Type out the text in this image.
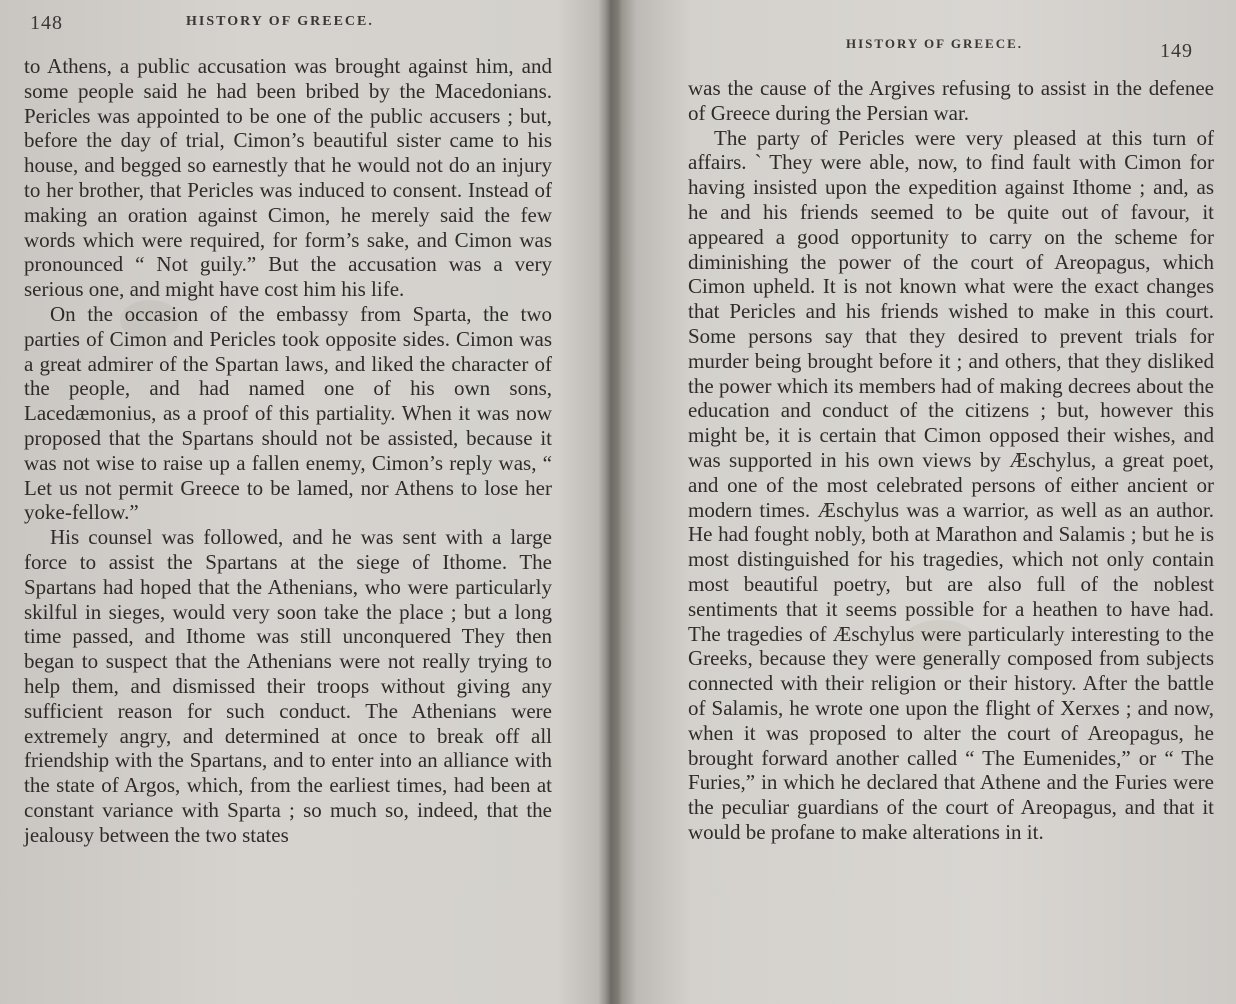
148	HISTORY OF GREECE.

to Athens, a public accusation was brought against him, and some people said he had been bribed by the Macedonians. Pericles was appointed to be one of the public accusers ; but, before the day of trial, Cimon’s beautiful sister came to his house, and begged so earnestly that he would not do an injury to her brother, that Pericles was induced to consent. Instead of making an oration against Cimon, he merely said the few words which were required, for form’s sake, and Cimon was pronounced “ Not guily.” But the accusation was a very serious one, and might have cost him his life.

On the occasion of the embassy from Sparta, the two parties of Cimon and Pericles took opposite sides. Cimon was a great admirer of the Spartan laws, and liked the character of the people, and had named one of his own sons, Lacedæmonius, as a proof of this partiality. When it was now proposed that the Spartans should not be assisted, because it was not wise to raise up a fallen enemy, Cimon’s reply was, “ Let us not permit Greece to be lamed, nor Athens to lose her yoke-fellow.”

His counsel was followed, and he was sent with a large force to assist the Spartans at the siege of Ithome. The Spartans had hoped that the Athenians, who were particularly skilful in sieges, would very soon take the place ; but a long time passed, and Ithome was still unconquered They then began to suspect that the Athenians were not really trying to help them, and dismissed their troops without giving any sufficient reason for such conduct. The Athenians were extremely angry, and determined at once to break off all friendship with the Spartans, and to enter into an alliance with the state of Argos, which, from the earliest times, had been at constant variance with Sparta ; so much so, indeed, that the jealousy between the two states

HISTORY OF GREECE.	149

was the cause of the Argives refusing to assist in the defenee of Greece during the Persian war.

The party of Pericles were very pleased at this turn of affairs. ` They were able, now, to find fault with Cimon for having insisted upon the expedition against Ithome ; and, as he and his friends seemed to be quite out of favour, it appeared a good opportunity to carry on the scheme for diminishing the power of the court of Areopagus, which Cimon upheld. It is not known what were the exact changes that Pericles and his friends wished to make in this court. Some persons say that they desired to prevent trials for murder being brought before it ; and others, that they disliked the power which its members had of making decrees about the education and conduct of the citizens ; but, however this might be, it is certain that Cimon opposed their wishes, and was supported in his own views by Æschylus, a great poet, and one of the most celebrated persons of either ancient or modern times. Æschylus was a warrior, as well as an author. He had fought nobly, both at Marathon and Salamis ; but he is most distinguished for his tragedies, which not only contain most beautiful poetry, but are also full of the noblest sentiments that it seems possible for a heathen to have had. The tragedies of Æschylus were particularly interesting to the Greeks, because they were generally composed from subjects connected with their religion or their history. After the battle of Salamis, he wrote one upon the flight of Xerxes ; and now, when it was proposed to alter the court of Areopagus, he brought forward another called “ The Eumenides,” or “ The Furies,” in which he declared that Athene and the Furies were the peculiar guardians of the court of Areopagus, and that it would be profane to make alterations in it.
